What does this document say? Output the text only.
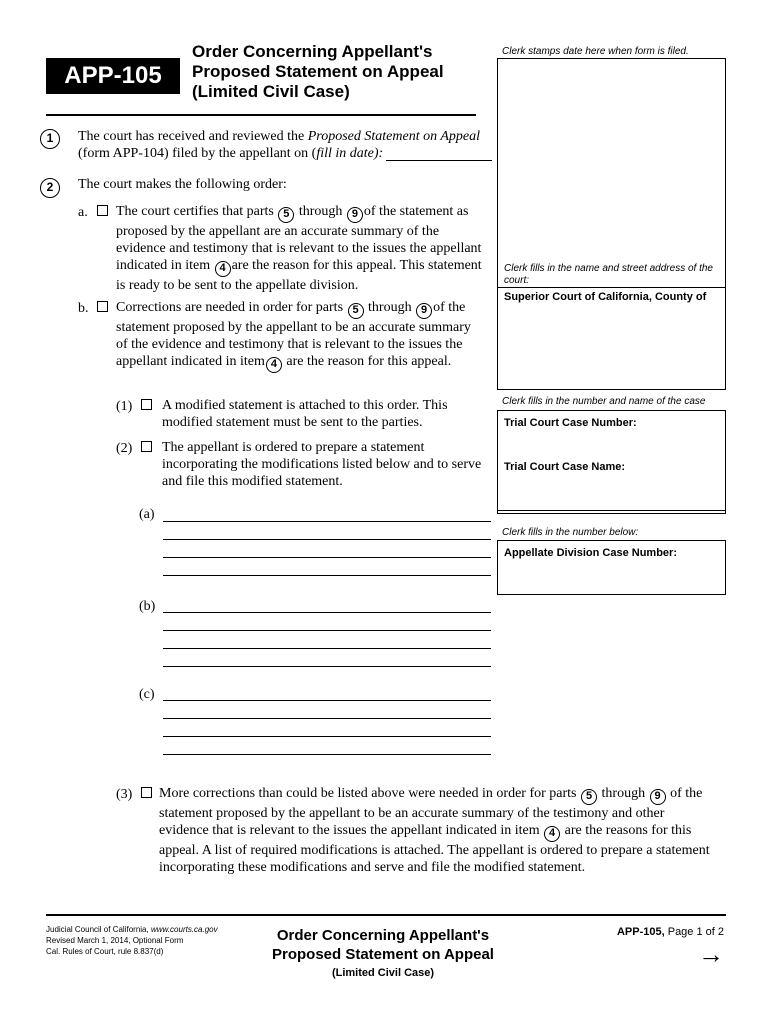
APP-105
Order Concerning Appellant's
Proposed Statement on Appeal
(Limited Civil Case)
Clerk stamps date here when form is filed.
Clerk fills in the name and street address of the
court:
Superior Court of California, County of
Clerk fills in the number and name of the case
Trial Court Case Number:
Trial Court Case Name:
Clerk fills in the number below:
Appellate Division Case Number:
1	The court has received and reviewed the Proposed Statement on Appeal
(form APP-104) filed by the appellant on (fill in date):
2	The court makes the following order:
a. The court certifies that parts 5 through 9 of the statement as
proposed by the appellant are an accurate summary of the
evidence and testimony that is relevant to the issues the appellant
indicated in item 4 are the reason for this appeal. This statement
is ready to be sent to the appellate division.
b. Corrections are needed in order for parts 5 through 9 of the
statement proposed by the appellant to be an accurate summary
of the evidence and testimony that is relevant to the issues the
appellant indicated in item 4 are the reason for this appeal.
(1) A modified statement is attached to this order. This
modified statement must be sent to the parties.
(2) The appellant is ordered to prepare a statement
incorporating the modifications listed below and to serve
and file this modified statement.
(a)
(b)
(c)
(3) More corrections than could be listed above were needed in order for parts 5 through 9 of the
statement proposed by the appellant to be an accurate summary of the testimony and other
evidence that is relevant to the issues the appellant indicated in item 4 are the reasons for this
appeal. A list of required modifications is attached. The appellant is ordered to prepare a statement
incorporating these modifications and serve and file the modified statement.
Judicial Council of California, www.courts.ca.gov
Revised March 1, 2014, Optional Form
Cal. Rules of Court, rule 8.837(d)
Order Concerning Appellant's
Proposed Statement on Appeal
(Limited Civil Case)
APP-105, Page 1 of 2
→
